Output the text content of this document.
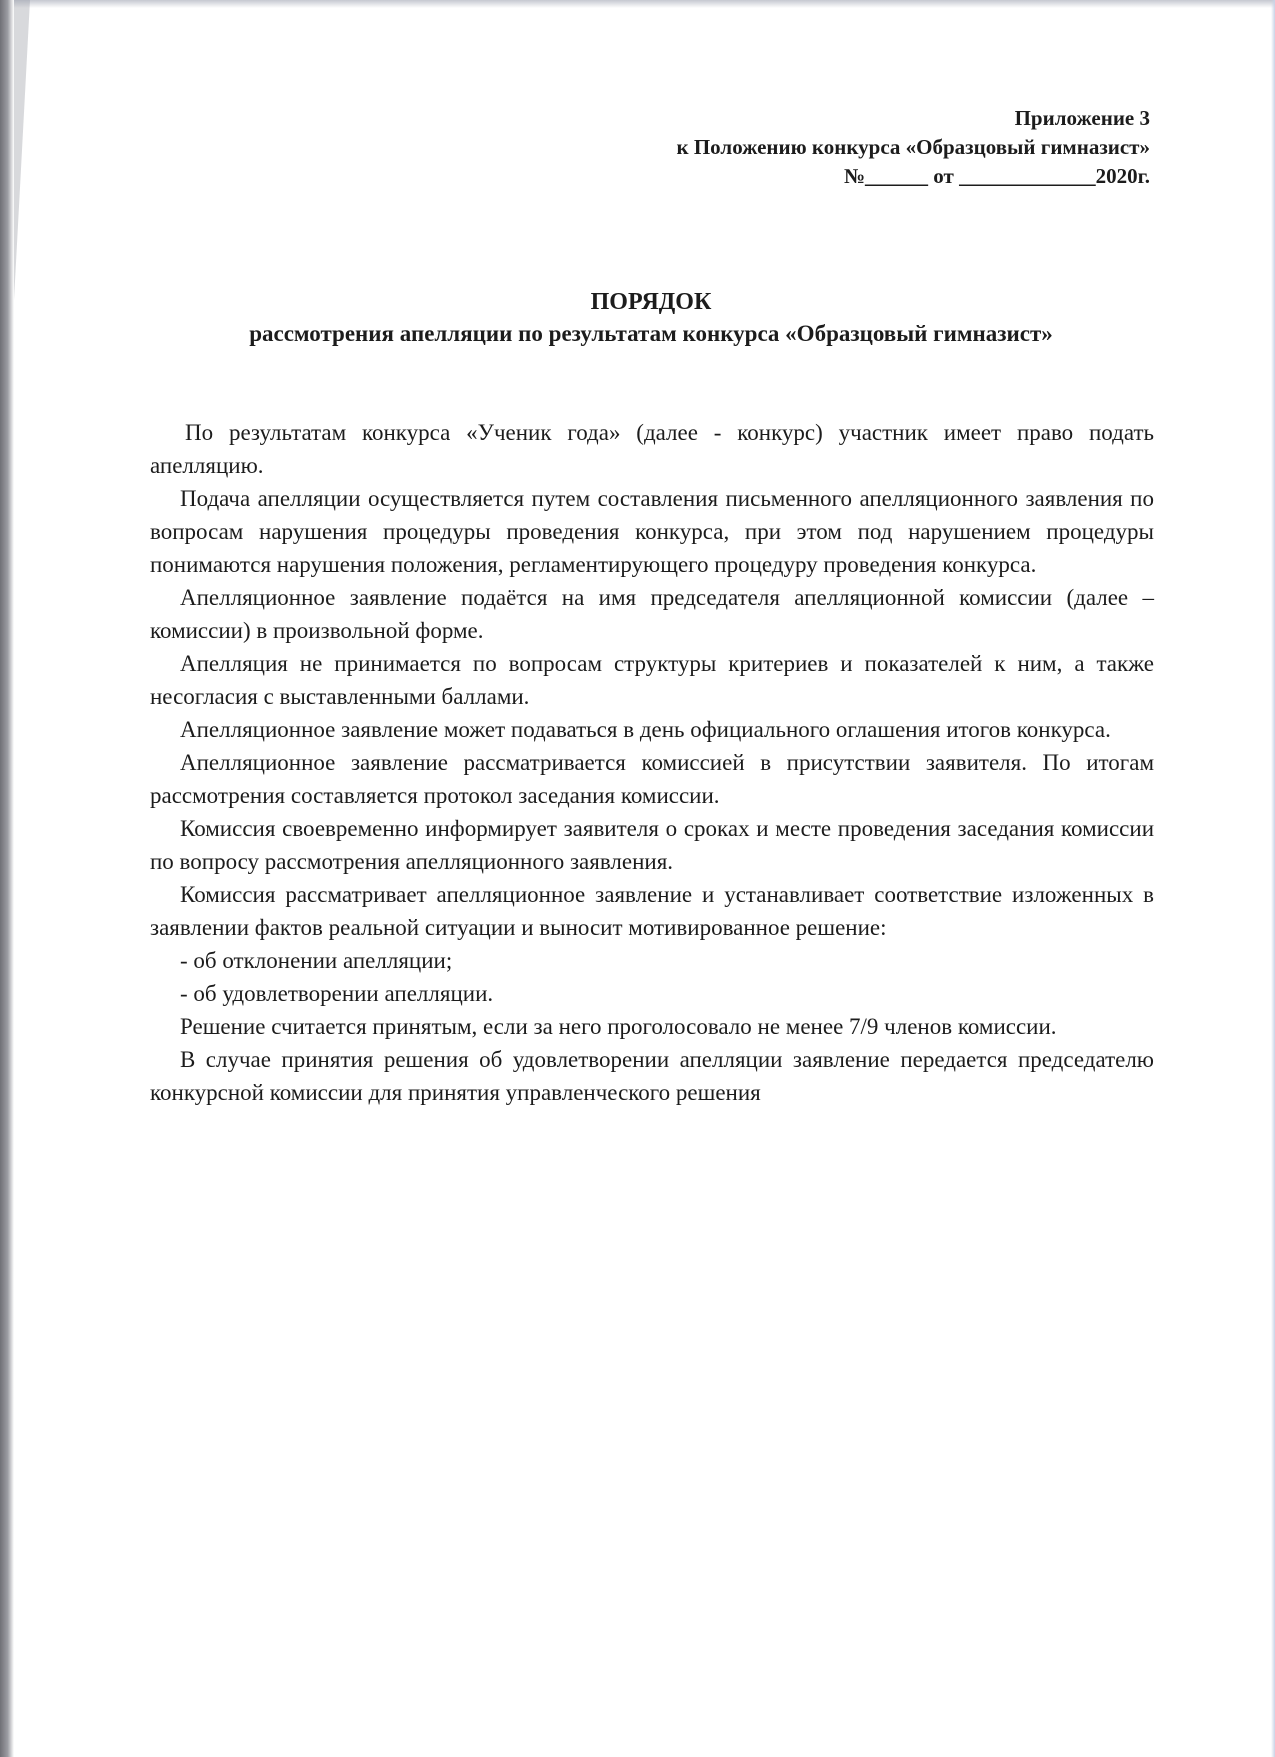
Приложение 3
к Положению конкурса «Образцовый гимназист»
№______ от _____________2020г.
ПОРЯДОК
рассмотрения апелляции по результатам конкурса «Образцовый гимназист»

По результатам конкурса «Ученик года» (далее - конкурс) участник имеет право подать апелляцию.

Подача апелляции осуществляется путем составления письменного апелляционного заявления по вопросам нарушения процедуры проведения конкурса, при этом под нарушением процедуры понимаются нарушения положения, регламентирующего процедуру проведения конкурса.

Апелляционное заявление подаётся на имя председателя апелляционной комиссии (далее – комиссии) в произвольной форме.

Апелляция не принимается по вопросам структуры критериев и показателей к ним, а также несогласия с выставленными баллами.

Апелляционное заявление может подаваться в день официального оглашения итогов конкурса.

Апелляционное заявление рассматривается комиссией в присутствии заявителя. По итогам рассмотрения составляется протокол заседания комиссии.

Комиссия своевременно информирует заявителя о сроках и месте проведения заседания комиссии по вопросу рассмотрения апелляционного заявления.

Комиссия рассматривает апелляционное заявление и устанавливает соответствие изложенных в заявлении фактов реальной ситуации и выносит мотивированное решение:

- об отклонении апелляции;

- об удовлетворении апелляции.

Решение считается принятым, если за него проголосовало не менее 7/9 членов комиссии.

В случае принятия решения об удовлетворении апелляции заявление передается председателю конкурсной комиссии для принятия управленческого решения
